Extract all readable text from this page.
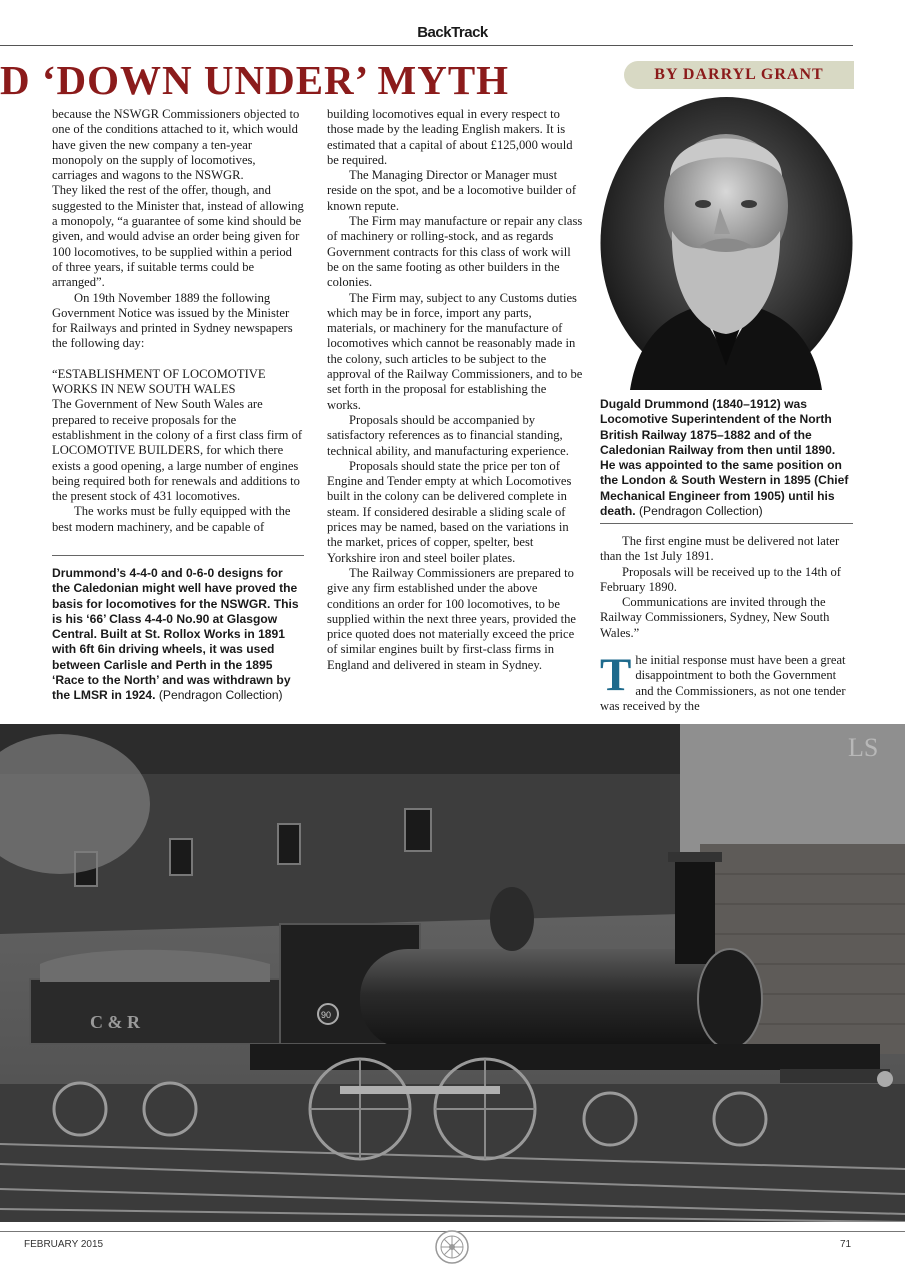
BackTrack
D ‘DOWN UNDER’ MYTH	BY DARRYL GRANT

because the NSWGR Commissioners objected to one of the conditions attached to it, which would have given the new company a ten-year monopoly on the supply of locomotives, carriages and wagons to the NSWGR.

They liked the rest of the offer, though, and suggested to the Minister that, instead of allowing a monopoly, “a guarantee of some kind should be given, and would advise an order being given for 100 locomotives, to be supplied within a period of three years, if suitable terms could be arranged”.

On 19th November 1889 the following Government Notice was issued by the Minister for Railways and printed in Sydney newspapers the following day:

“ESTABLISHMENT OF LOCOMOTIVE WORKS IN NEW SOUTH WALES

The Government of New South Wales are prepared to receive proposals for the establishment in the colony of a first class firm of LOCOMOTIVE BUILDERS, for which there exists a good opening, a large number of engines being required both for renewals and additions to the present stock of 431 locomotives.

The works must be fully equipped with the best modern machinery, and be capable of

Drummond’s 4-4-0 and 0-6-0 designs for the Caledonian might well have proved the basis for locomotives for the NSWGR. This is his ‘66’ Class 4-4-0 No.90 at Glasgow Central. Built at St. Rollox Works in 1891 with 6ft 6in driving wheels, it was used between Carlisle and Perth in the 1895 ‘Race to the North’ and was withdrawn by the LMSR in 1924. (Pendragon Collection)

building locomotives equal in every respect to those made by the leading English makers. It is estimated that a capital of about £125,000 would be required.

The Managing Director or Manager must reside on the spot, and be a locomotive builder of known repute.

The Firm may manufacture or repair any class of machinery or rolling-stock, and as regards Government contracts for this class of work will be on the same footing as other builders in the colonies.

The Firm may, subject to any Customs duties which may be in force, import any parts, materials, or machinery for the manufacture of locomotives which cannot be reasonably made in the colony, such articles to be subject to the approval of the Railway Commissioners, and to be set forth in the proposal for establishing the works.

Proposals should be accompanied by satisfactory references as to financial standing, technical ability, and manufacturing experience.

Proposals should state the price per ton of Engine and Tender empty at which Locomotives built in the colony can be delivered complete in steam. If considered desirable a sliding scale of prices may be named, based on the variations in the market, prices of copper, spelter, best Yorkshire iron and steel boiler plates.

The Railway Commissioners are prepared to give any firm established under the above conditions an order for 100 locomotives, to be supplied within the next three years, provided the price quoted does not materially exceed the price of similar engines built by first-class firms in England and delivered in steam in Sydney.

Dugald Drummond (1840–1912) was Locomotive Superintendent of the North British Railway 1875–1882 and of the Caledonian Railway from then until 1890. He was appointed to the same position on the London & South Western in 1895 (Chief Mechanical Engineer from 1905) until his death. (Pendragon Collection)

The first engine must be delivered not later than the 1st July 1891.

Proposals will be received up to the 14th of February 1890.

Communications are invited through the Railway Commissioners, Sydney, New South Wales.”

T he initial response must have been a great disappointment to both the Government and the Commissioners, as not one tender was received by the

LS
C & R	90
FEBRUARY 2015	71
